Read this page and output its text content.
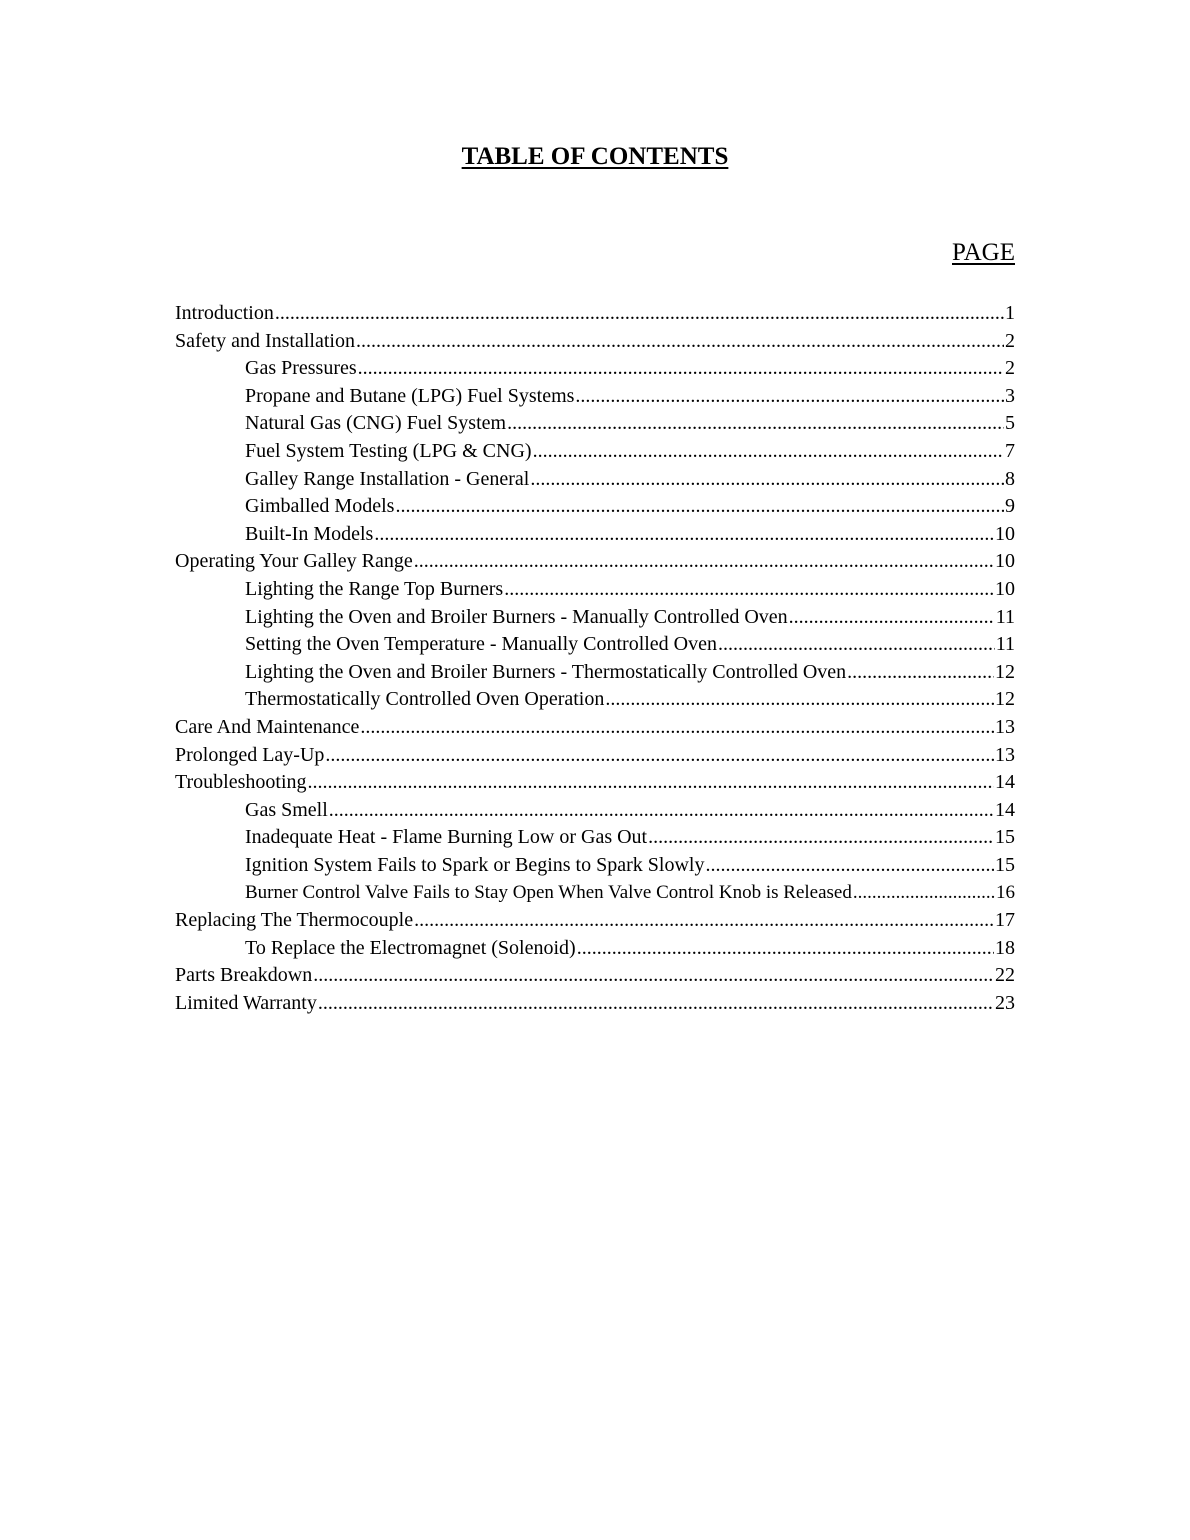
TABLE OF CONTENTS
PAGE
Introduction .....	1
Safety and Installation .....	2
Gas Pressures .....	2
Propane and Butane (LPG) Fuel Systems .....	3
Natural Gas (CNG) Fuel System .....	5
Fuel System Testing (LPG & CNG) .....	7
Galley Range Installation - General .....	8
Gimballed Models .....	9
Built-In Models .....	10
Operating Your Galley Range .....	10
Lighting the Range Top Burners .....	10
Lighting the Oven and Broiler Burners - Manually Controlled Oven .....	11
Setting the Oven Temperature - Manually Controlled Oven .....	11
Lighting the Oven and Broiler Burners - Thermostatically Controlled Oven .....	12
Thermostatically Controlled Oven Operation .....	12
Care And Maintenance .....	13
Prolonged Lay-Up .....	13
Troubleshooting .....	14
Gas Smell .....	14
Inadequate Heat - Flame Burning Low or Gas Out .....	15
Ignition System Fails to Spark or Begins to Spark Slowly .....	15
Burner Control Valve Fails to Stay Open When Valve Control Knob is Released .....	16
Replacing The Thermocouple .....	17
To Replace the Electromagnet (Solenoid) .....	18
Parts Breakdown .....	22
Limited Warranty .....	23
